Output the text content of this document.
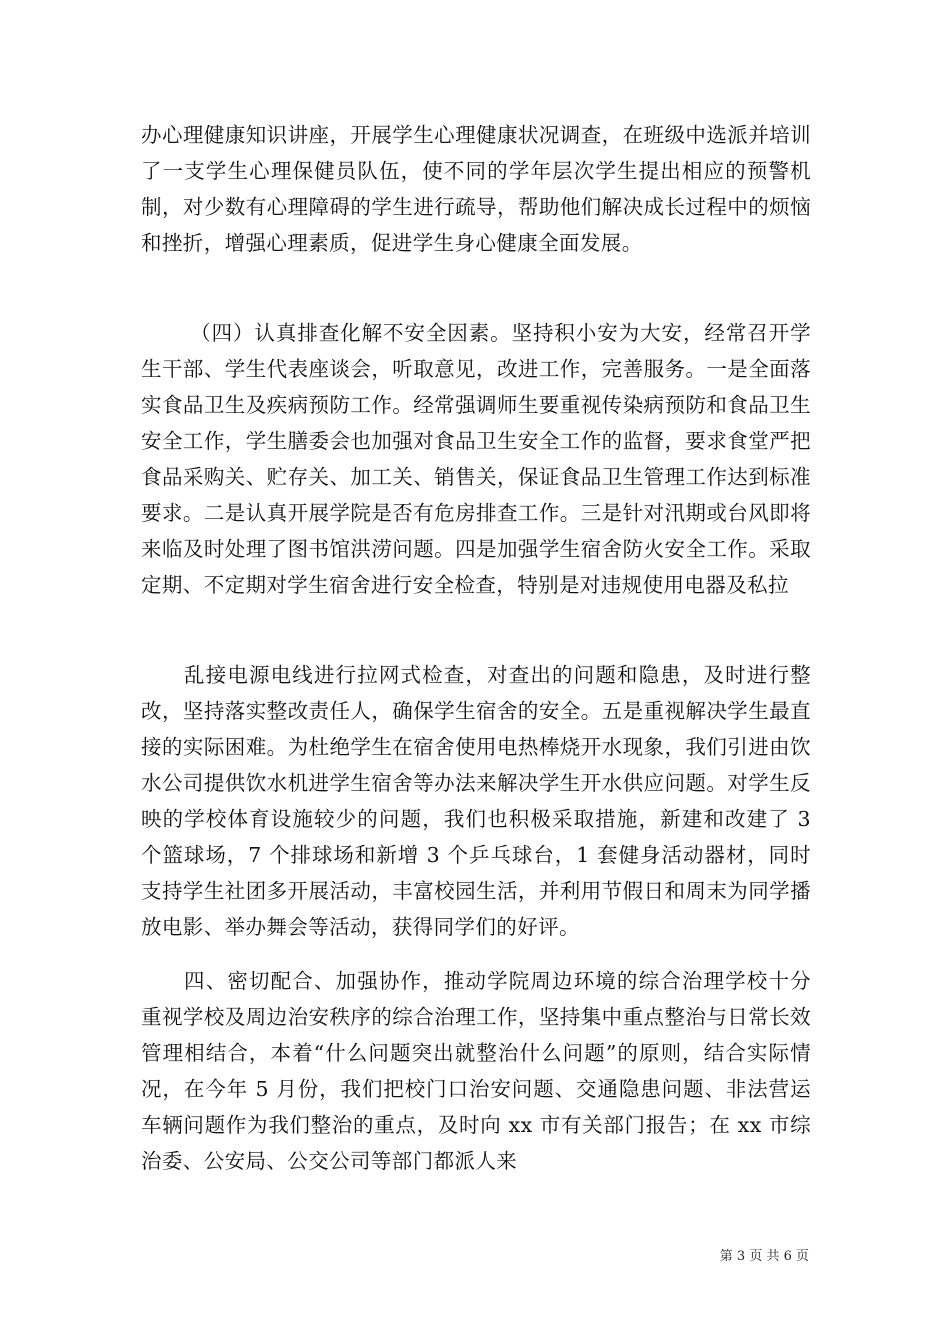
办心理健康知识讲座，开展学生心理健康状况调查，在班级中选派并培训了一支学生心理保健员队伍，使不同的学年层次学生提出相应的预警机制，对少数有心理障碍的学生进行疏导，帮助他们解决成长过程中的烦恼和挫折，增强心理素质，促进学生身心健康全面发展。

（四）认真排查化解不安全因素。坚持积小安为大安，经常召开学生干部、学生代表座谈会，听取意见，改进工作，完善服务。一是全面落实食品卫生及疾病预防工作。经常强调师生要重视传染病预防和食品卫生安全工作，学生膳委会也加强对食品卫生安全工作的监督，要求食堂严把食品采购关、贮存关、加工关、销售关，保证食品卫生管理工作达到标准要求。二是认真开展学院是否有危房排查工作。三是针对汛期或台风即将来临及时处理了图书馆洪涝问题。四是加强学生宿舍防火安全工作。采取定期、不定期对学生宿舍进行安全检查，特别是对违规使用电器及私拉

乱接电源电线进行拉网式检查，对查出的问题和隐患，及时进行整改，坚持落实整改责任人，确保学生宿舍的安全。五是重视解决学生最直接的实际困难。为杜绝学生在宿舍使用电热棒烧开水现象，我们引进由饮水公司提供饮水机进学生宿舍等办法来解决学生开水供应问题。对学生反映的学校体育设施较少的问题，我们也积极采取措施，新建和改建了 3 个篮球场，7 个排球场和新增 3 个乒乓球台，1 套健身活动器材，同时支持学生社团多开展活动，丰富校园生活，并利用节假日和周末为同学播放电影、举办舞会等活动，获得同学们的好评。

四、密切配合、加强协作，推动学院周边环境的综合治理学校十分重视学校及周边治安秩序的综合治理工作，坚持集中重点整治与日常长效管理相结合，本着“什么问题突出就整治什么问题”的原则，结合实际情况，在今年 5 月份，我们把校门口治安问题、交通隐患问题、非法营运车辆问题作为我们整治的重点，及时向 xx 市有关部门报告；在 xx 市综治委、公安局、公交公司等部门都派人来

第 3 页 共 6 页
